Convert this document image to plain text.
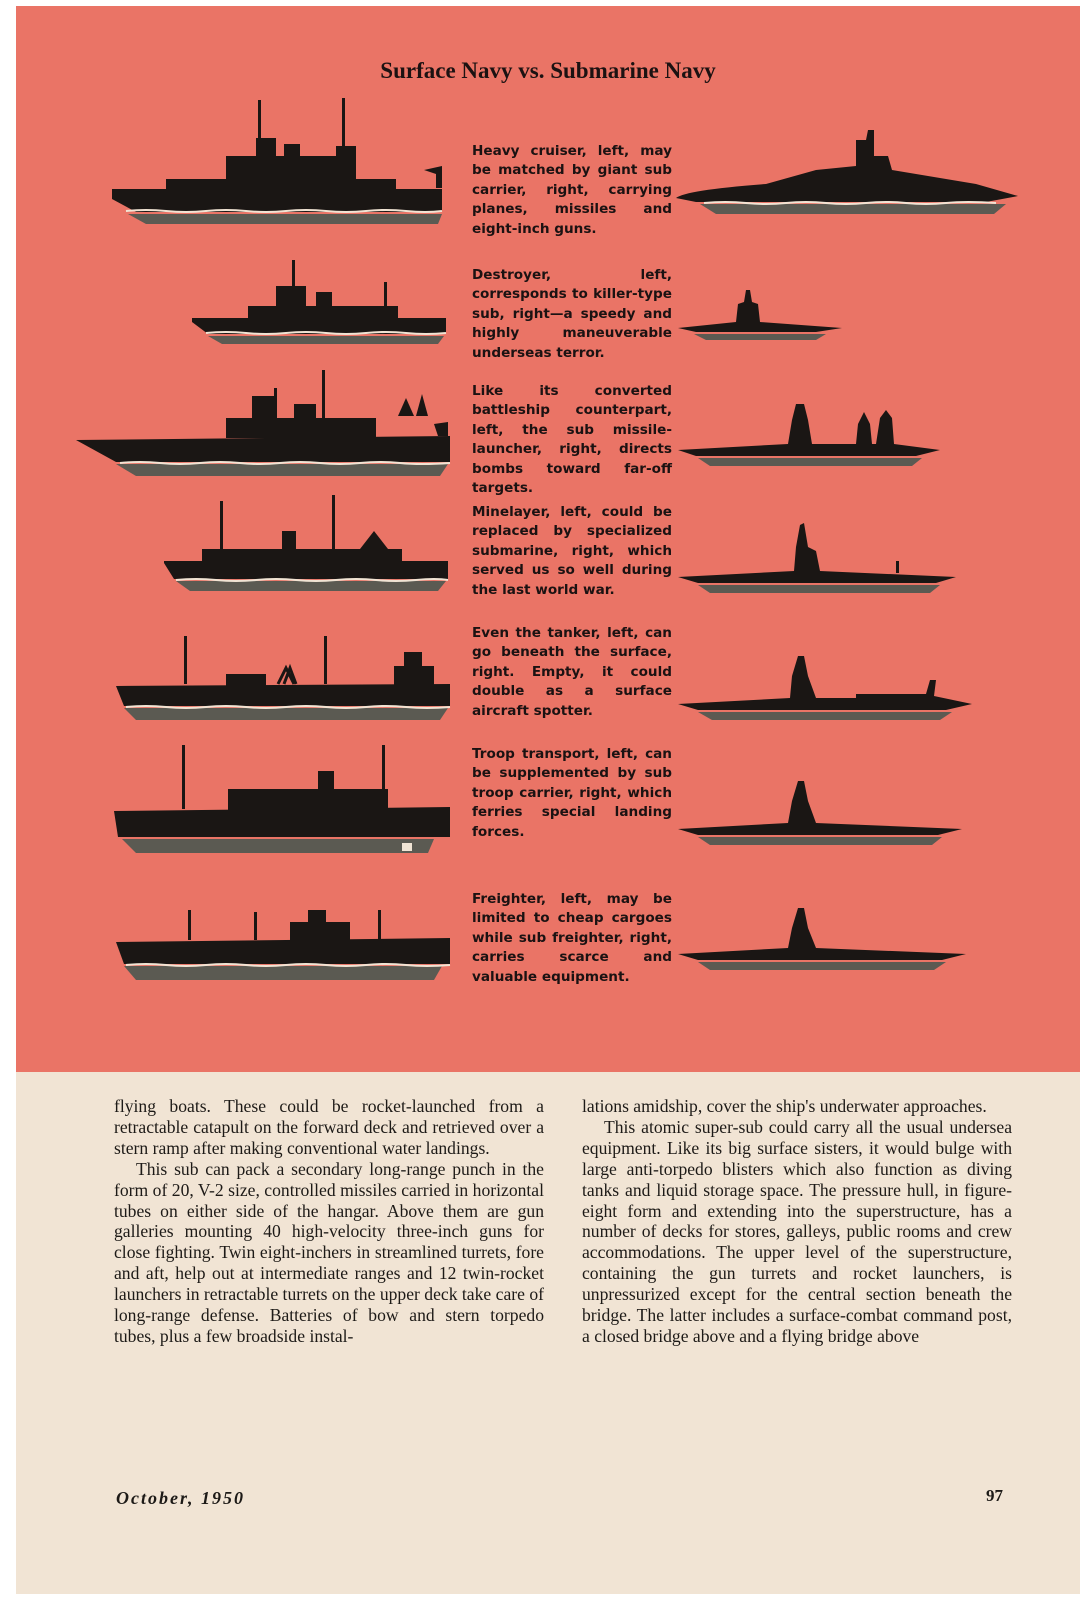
Surface Navy vs. Submarine Navy
Heavy cruiser, left, may be matched by giant sub carrier, right, carrying planes, missiles and eight-inch guns.
Destroyer, left, corresponds to killer-type sub, right—a speedy and highly maneuverable underseas terror.
Like its converted battleship counterpart, left, the sub missile-launcher, right, directs bombs toward far-off targets.
Minelayer, left, could be replaced by specialized submarine, right, which served us so well during the last world war.
Even the tanker, left, can go beneath the surface, right. Empty, it could double as a surface aircraft spotter.
Troop transport, left, can be supplemented by sub troop carrier, right, which ferries special landing forces.
Freighter, left, may be limited to cheap cargoes while sub freighter, right, carries scarce and valuable equipment.

flying boats. These could be rocket-launched from a retractable catapult on the forward deck and retrieved over a stern ramp after making conventional water landings.

This sub can pack a secondary long-range punch in the form of 20, V-2 size, controlled missiles carried in horizontal tubes on either side of the hangar. Above them are gun galleries mounting 40 high-velocity three-inch guns for close fighting. Twin eight-inchers in streamlined turrets, fore and aft, help out at intermediate ranges and 12 twin-rocket launchers in retractable turrets on the upper deck take care of long-range defense. Batteries of bow and stern torpedo tubes, plus a few broadside instal-

lations amidship, cover the ship's underwater approaches.

This atomic super-sub could carry all the usual undersea equipment. Like its big surface sisters, it would bulge with large anti-torpedo blisters which also function as diving tanks and liquid storage space. The pressure hull, in figure-eight form and extending into the superstructure, has a number of decks for stores, galleys, public rooms and crew accommodations. The upper level of the superstructure, containing the gun turrets and rocket launchers, is unpressurized except for the central section beneath the bridge. The latter includes a surface-combat command post, a closed bridge above and a flying bridge above

October, 1950	97
